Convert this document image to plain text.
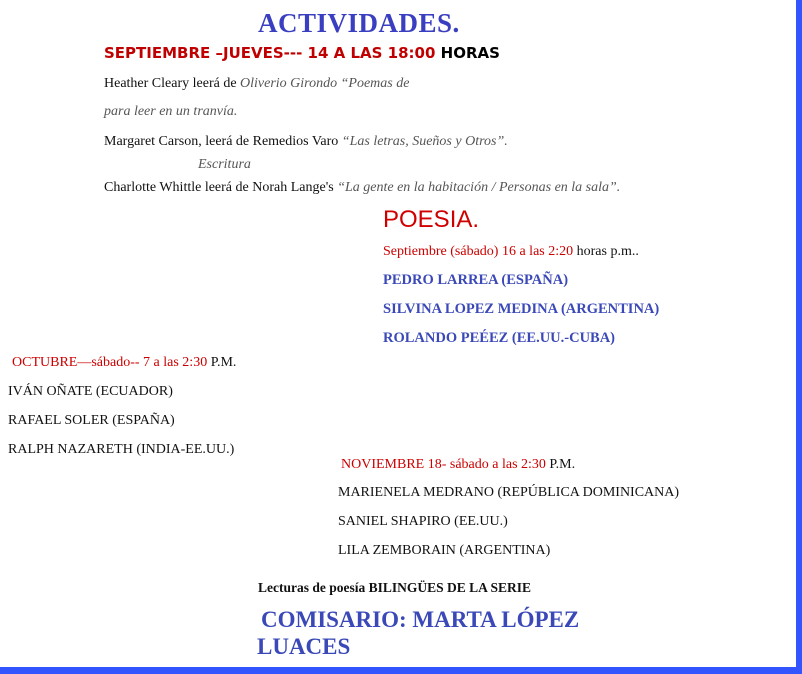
ACTIVIDADES.
SEPTIEMBRE –JUEVES--- 14 A LAS 18:00 HORAS
Heather Cleary leerá de Oliverio Girondo “Poemas de
para leer en un tranvía.
Margaret Carson, leerá de Remedios Varo “Las letras, Sueños y Otros”.
Escritura
Charlotte Whittle leerá de Norah Lange's “La gente en la habitación / Personas en la sala”.
POESIA.
Septiembre (sábado) 16 a las 2:20 horas p.m..
PEDRO LARREA (ESPAÑA)
SILVINA LOPEZ MEDINA (ARGENTINA)
ROLANDO PEÉEZ (EE.UU.-CUBA)
OCTUBRE—sábado-- 7 a las 2:30 P.M.
IVÁN OÑATE (ECUADOR)
RAFAEL SOLER (ESPAÑA)
RALPH NAZARETH (INDIA-EE.UU.)
NOVIEMBRE 18- sábado a las 2:30 P.M.
MARIENELA MEDRANO (REPÚBLICA DOMINICANA)
SANIEL SHAPIRO (EE.UU.)
LILA ZEMBORAIN (ARGENTINA)
Lecturas de poesía BILINGÜES DE LA SERIE
COMISARIO: MARTA LÓPEZ
LUACES
